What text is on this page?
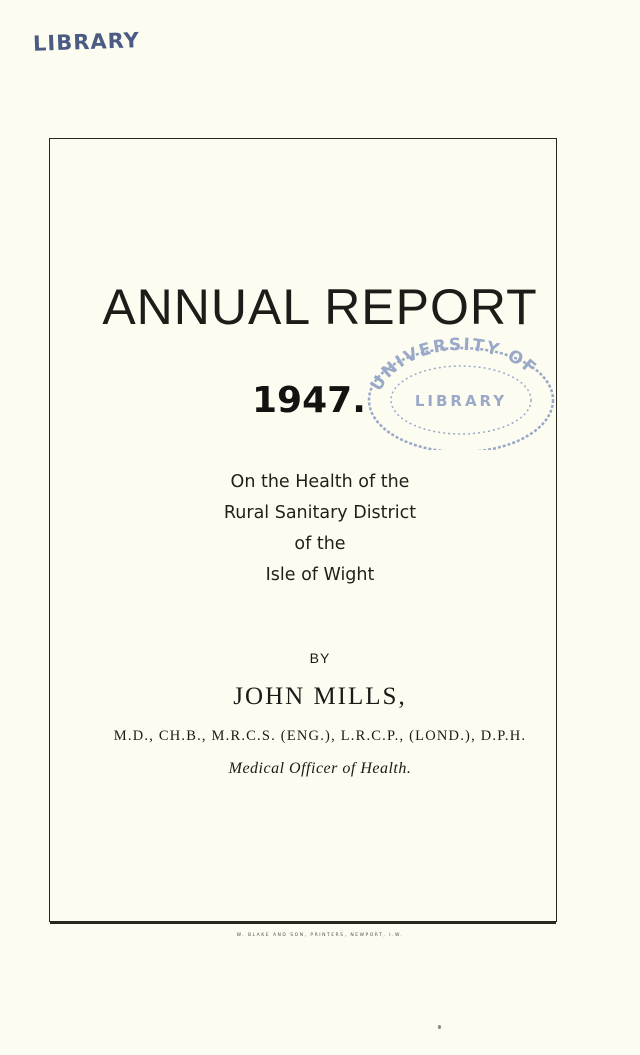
LIBRARY
ANNUAL REPORT
UNIVERSITY OF
LIBRARY
1947.
On the Health of the
Rural Sanitary District
of the
Isle of Wight
BY
JOHN MILLS,
M.D., CH.B., M.R.C.S. (ENG.), L.R.C.P., (LOND.), D.P.H.
Medical Officer of Health.
W. BLAKE AND SON, PRINTERS, NEWPORT, I.W.
